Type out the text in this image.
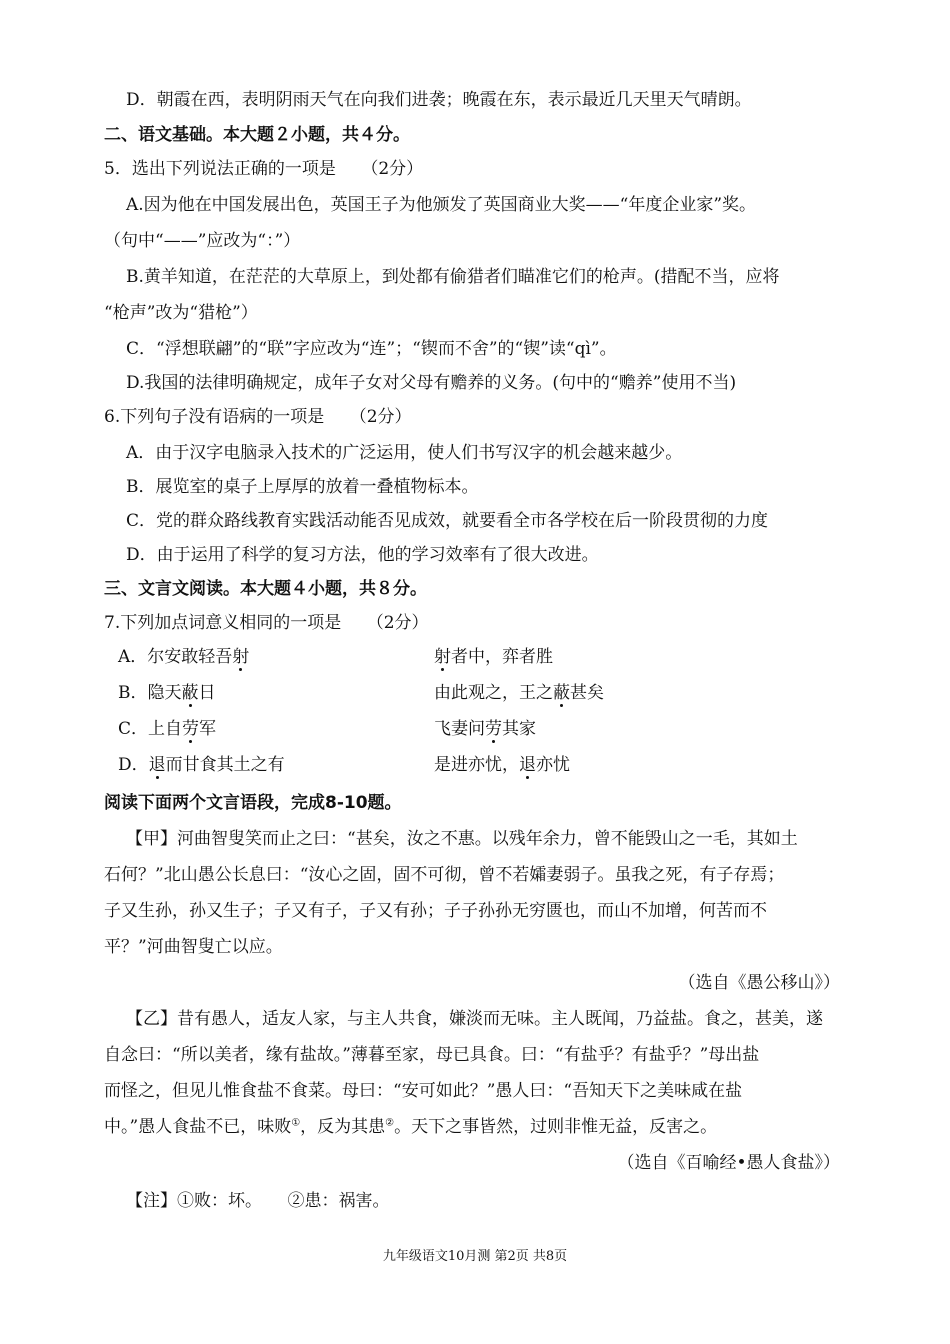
D．朝霞在西，表明阴雨天气在向我们进袭；晚霞在东，表示最近几天里天气晴朗。
二、语文基础。本大题２小题，共４分。
5．选出下列说法正确的一项是　　（2分）
A.因为他在中国发展出色，英国王子为他颁发了英国商业大奖——“年度企业家”奖。
（句中“——”应改为“：”）
B.黄羊知道，在茫茫的大草原上，到处都有偷猎者们瞄准它们的枪声。(措配不当，应将
“枪声”改为“猎枪”）
C．“浮想联翩”的“联”字应改为“连”；“锲而不舍”的“锲”读“qì”。
D.我国的法律明确规定，成年子女对父母有赡养的义务。(句中的“赡养”使用不当)
6.下列句子没有语病的一项是　　（2分）
A．由于汉字电脑录入技术的广泛运用，使人们书写汉字的机会越来越少。
B．展览室的桌子上厚厚的放着一叠植物标本。
C．党的群众路线教育实践活动能否见成效，就要看全市各学校在后一阶段贯彻的力度
D．由于运用了科学的复习方法，他的学习效率有了很大改进。
三、文言文阅读。本大题４小题，共８分。
7.下列加点词意义相同的一项是　　（2分）
A．尔安敢轻吾射	射者中，弈者胜
B．隐天蔽日	由此观之，王之蔽甚矣
C．上自劳军	飞妻问劳其家
D．退而甘食其土之有	是进亦忧，退亦忧
阅读下面两个文言语段，完成8-10题。
【甲】河曲智叟笑而止之曰：“甚矣，汝之不惠。以残年余力，曾不能毁山之一毛，其如土
石何？”北山愚公长息曰：“汝心之固，固不可彻，曾不若孀妻弱子。虽我之死，有子存焉；
子又生孙，孙又生子；子又有子，子又有孙；子子孙孙无穷匮也，而山不加增，何苦而不
平？”河曲智叟亡以应。
（选自《愚公移山》）
【乙】昔有愚人，适友人家，与主人共食，嫌淡而无味。主人既闻，乃益盐。食之，甚美，遂
自念曰：“所以美者，缘有盐故。”薄暮至家，母已具食。曰：“有盐乎？有盐乎？”母出盐
而怪之，但见儿惟食盐不食菜。母曰：“安可如此？”愚人曰：“吾知天下之美味咸在盐
中。”愚人食盐不已，味败①，反为其患②。天下之事皆然，过则非惟无益，反害之。
（选自《百喻经•愚人食盐》）
【注】①败：坏。　　②患：祸害。
九年级语文10月测 第2页 共8页
